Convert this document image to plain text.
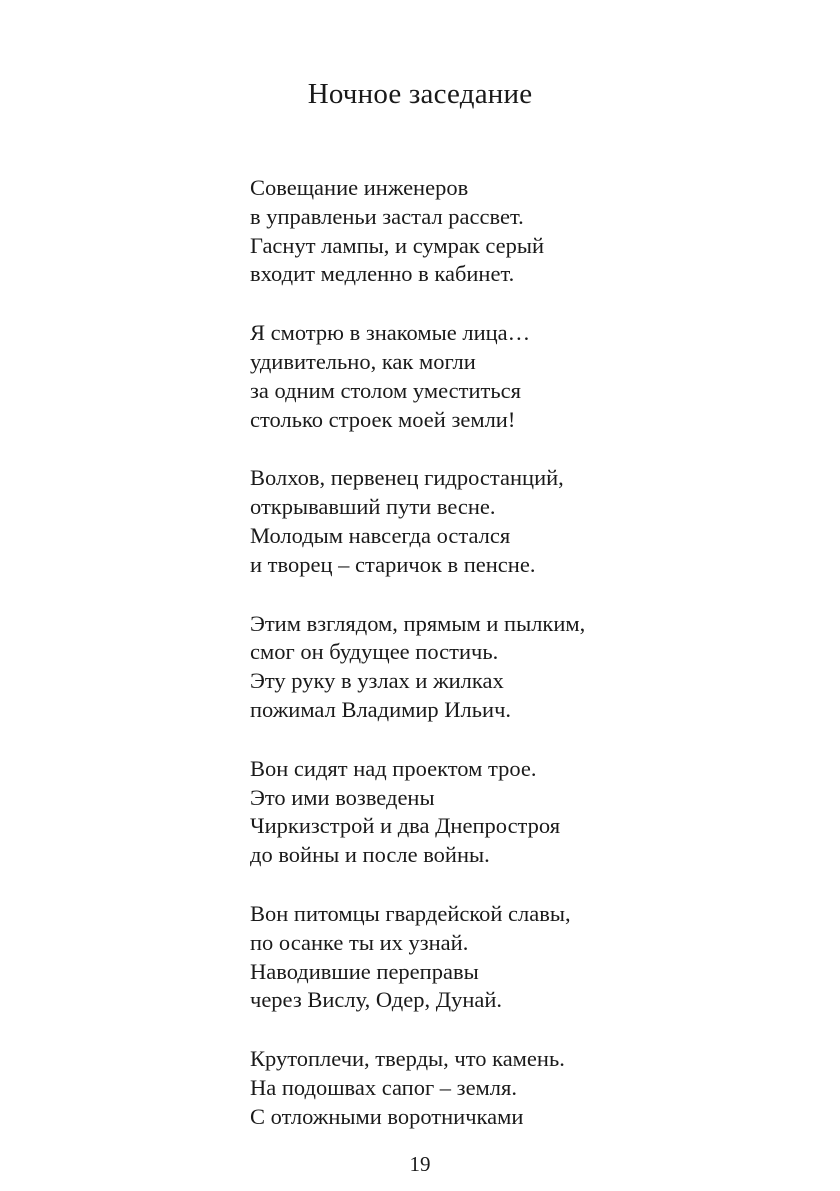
Ночное заседание
Совещание инженеров
в управленьи застал рассвет.
Гаснут лампы, и сумрак серый
входит медленно в кабинет.
Я смотрю в знакомые лица…
удивительно, как могли
за одним столом уместиться
столько строек моей земли!
Волхов, первенец гидростанций,
открывавший пути весне.
Молодым навсегда остался
и творец – старичок в пенсне.
Этим взглядом, прямым и пылким,
смог он будущее постичь.
Эту руку в узлах и жилках
пожимал Владимир Ильич.
Вон сидят над проектом трое.
Это ими возведены
Чиркизстрой и два Днепростроя
до войны и после войны.
Вон питомцы гвардейской славы,
по осанке ты их узнай.
Наводившие переправы
через Вислу, Одер, Дунай.
Крутоплечи, тверды, что камень.
На подошвах сапог – земля.
С отложными воротничками
19
